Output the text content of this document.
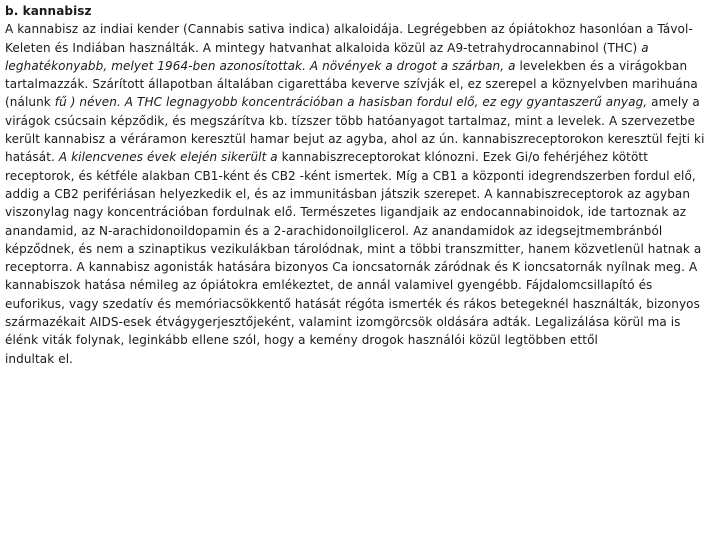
b. kannabisz

A kannabisz az indiai kender (Cannabis sativa indica) alkaloidája. Legrégebben az ópiátokhoz hasonlóan a Távol-Keleten és Indiában használták. A mintegy hatvanhat alkaloida közül az A9-tetrahydrocannabinol (THC) a leghatékonyabb, melyet 1964-ben azonosítottak. A növények a drogot a szárban, a levelekben és a virágokban tartalmazzák. Szárított állapotban általában cigarettába keverve szívják el, ez szerepel a köznyelvben marihuána (nálunk fű ) néven. A THC legnagyobb koncentrációban a hasisban fordul elő, ez egy gyantaszerű anyag, amely a virágok csúcsain képződik, és megszárítva kb. tízszer több hatóanyagot tartalmaz, mint a levelek. A szervezetbe került kannabisz a véráramon keresztül hamar bejut az agyba, ahol az ún. kannabiszreceptorokon keresztül fejti ki hatását. A kilencvenes évek elején sikerült a kannabiszreceptorokat klónozni. Ezek Gi/o fehérjéhez kötött receptorok, és kétféle alakban CB1-ként és CB2 -ként ismertek. Míg a CB1 a központi idegrendszerben fordul elő, addig a CB2 perifériásan helyezkedik el, és az immunitásban játszik szerepet. A kannabiszreceptorok az agyban viszonylag nagy koncentrációban fordulnak elő. Természetes ligandjaik az endocannabinoidok, ide tartoznak az anandamid, az N-arachidonoildopamin és a 2-arachidonoilglicerol. Az anandamidok az idegsejtmembránból képződnek, és nem a szinaptikus vezikulákban tárolódnak, mint a többi transzmitter, hanem közvetlenül hatnak a receptorra. A kannabisz agonisták hatására bizonyos Ca ioncsatornák záródnak és K ioncsatornák nyílnak meg. A kannabiszok hatása némileg az ópiátokra emlékeztet, de annál valamivel gyengébb. Fájdalomcsillapító és euforikus, vagy szedatív és memóriacsökkentő hatását régóta ismerték és rákos betegeknél használták, bizonyos származékait AIDS-esek étvágygerjesztőjeként, valamint izomgörcsök oldására adták. Legalizálása körül ma is élénk viták folynak, leginkább ellene szól, hogy a kemény drogok használói közül legtöbben ettől

indultak el.
